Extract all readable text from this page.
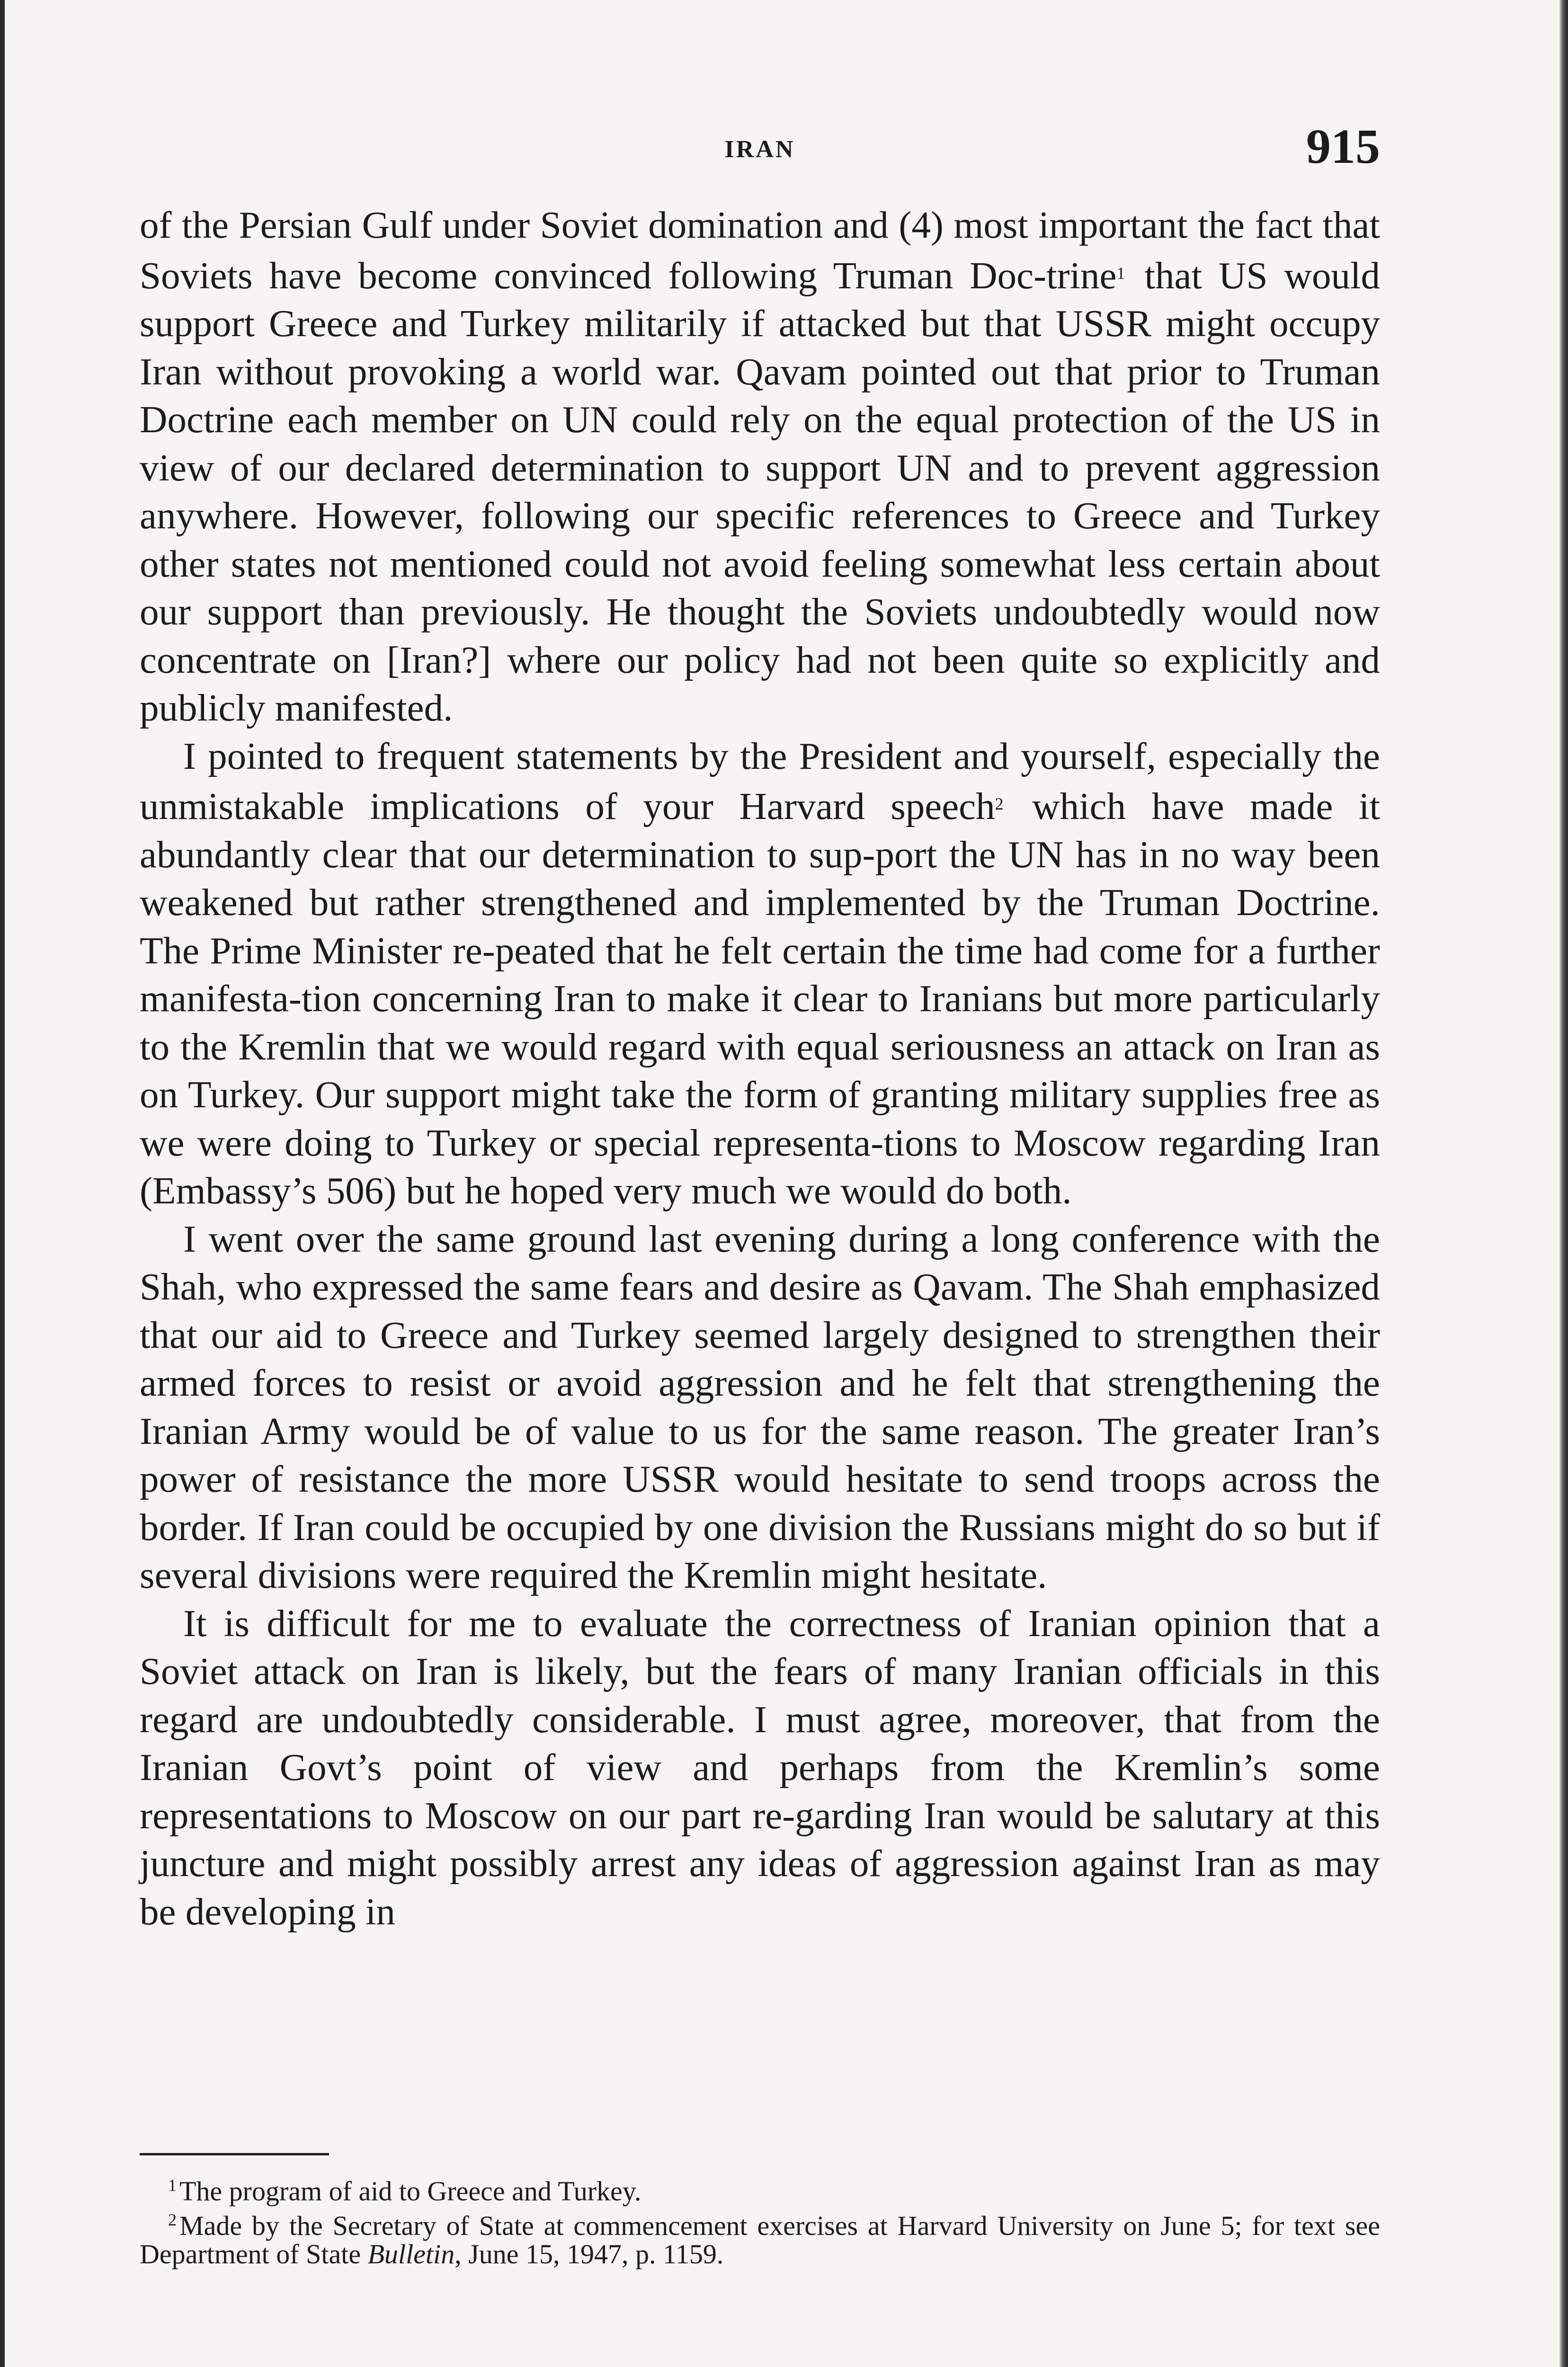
IRAN	915

of the Persian Gulf under Soviet domination and (4) most important the fact that Soviets have become convinced following Truman Doc-trine$^1$ that US would support Greece and Turkey militarily if attacked but that USSR might occupy Iran without provoking a world war. Qavam pointed out that prior to Truman Doctrine each member on UN could rely on the equal protection of the US in view of our declared determination to support UN and to prevent aggression anywhere. However, following our specific references to Greece and Turkey other states not mentioned could not avoid feeling somewhat less certain about our support than previously. He thought the Soviets undoubtedly would now concentrate on [Iran?] where our policy had not been quite so explicitly and publicly manifested.

I pointed to frequent statements by the President and yourself, especially the unmistakable implications of your Harvard speech$^2$ which have made it abundantly clear that our determination to sup-port the UN has in no way been weakened but rather strengthened and implemented by the Truman Doctrine. The Prime Minister re-peated that he felt certain the time had come for a further manifesta-tion concerning Iran to make it clear to Iranians but more particularly to the Kremlin that we would regard with equal seriousness an attack on Iran as on Turkey. Our support might take the form of granting military supplies free as we were doing to Turkey or special representa-tions to Moscow regarding Iran (Embassy’s 506) but he hoped very much we would do both.

I went over the same ground last evening during a long conference with the Shah, who expressed the same fears and desire as Qavam. The Shah emphasized that our aid to Greece and Turkey seemed largely designed to strengthen their armed forces to resist or avoid aggression and he felt that strengthening the Iranian Army would be of value to us for the same reason. The greater Iran’s power of resistance the more USSR would hesitate to send troops across the border. If Iran could be occupied by one division the Russians might do so but if several divisions were required the Kremlin might hesitate.

It is difficult for me to evaluate the correctness of Iranian opinion that a Soviet attack on Iran is likely, but the fears of many Iranian officials in this regard are undoubtedly considerable. I must agree, moreover, that from the Iranian Govt’s point of view and perhaps from the Kremlin’s some representations to Moscow on our part re-garding Iran would be salutary at this juncture and might possibly arrest any ideas of aggression against Iran as may be developing in

$^1$ The program of aid to Greece and Turkey.

$^2$ Made by the Secretary of State at commencement exercises at Harvard University on June 5; for text see Department of State Bulletin, June 15, 1947, p. 1159.
